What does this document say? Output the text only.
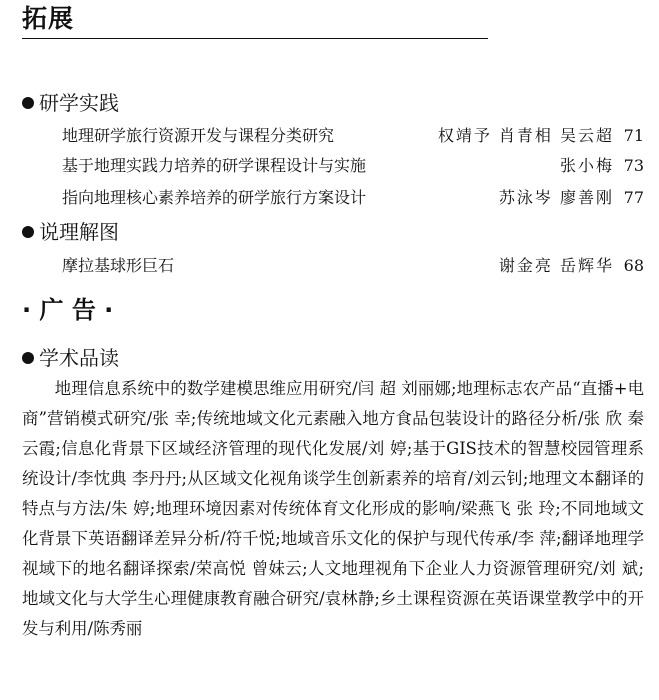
拓展
研学实践
地理研学旅行资源开发与课程分类研究	权靖予 肖青相 吴云超 71
基于地理实践力培养的研学课程设计与实施	张小梅 73
指向地理核心素养培养的研学旅行方案设计	苏泳岑 廖善刚 77
说理解图
摩拉基球形巨石	谢金亮 岳辉华 68
· 广 告 ·
学术品读

地理信息系统中的数学建模思维应用研究/闫 超 刘丽娜;地理标志农产品“直播+电商”营销模式研究/张 幸;传统地域文化元素融入地方食品包装设计的路径分析/张 欣 秦云霞;信息化背景下区域经济管理的现代化发展/刘 婷;基于GIS技术的智慧校园管理系统设计/李忱典 李丹丹;从区域文化视角谈学生创新素养的培育/刘云钊;地理文本翻译的特点与方法/朱 婷;地理环境因素对传统体育文化形成的影响/梁燕飞 张 玲;不同地域文化背景下英语翻译差异分析/符千悦;地域音乐文化的保护与现代传承/李 萍;翻译地理学视域下的地名翻译探索/荣高悦 曾妹云;人文地理视角下企业人力资源管理研究/刘 斌;地域文化与大学生心理健康教育融合研究/袁林静;乡土课程资源在英语课堂教学中的开发与利用/陈秀丽
